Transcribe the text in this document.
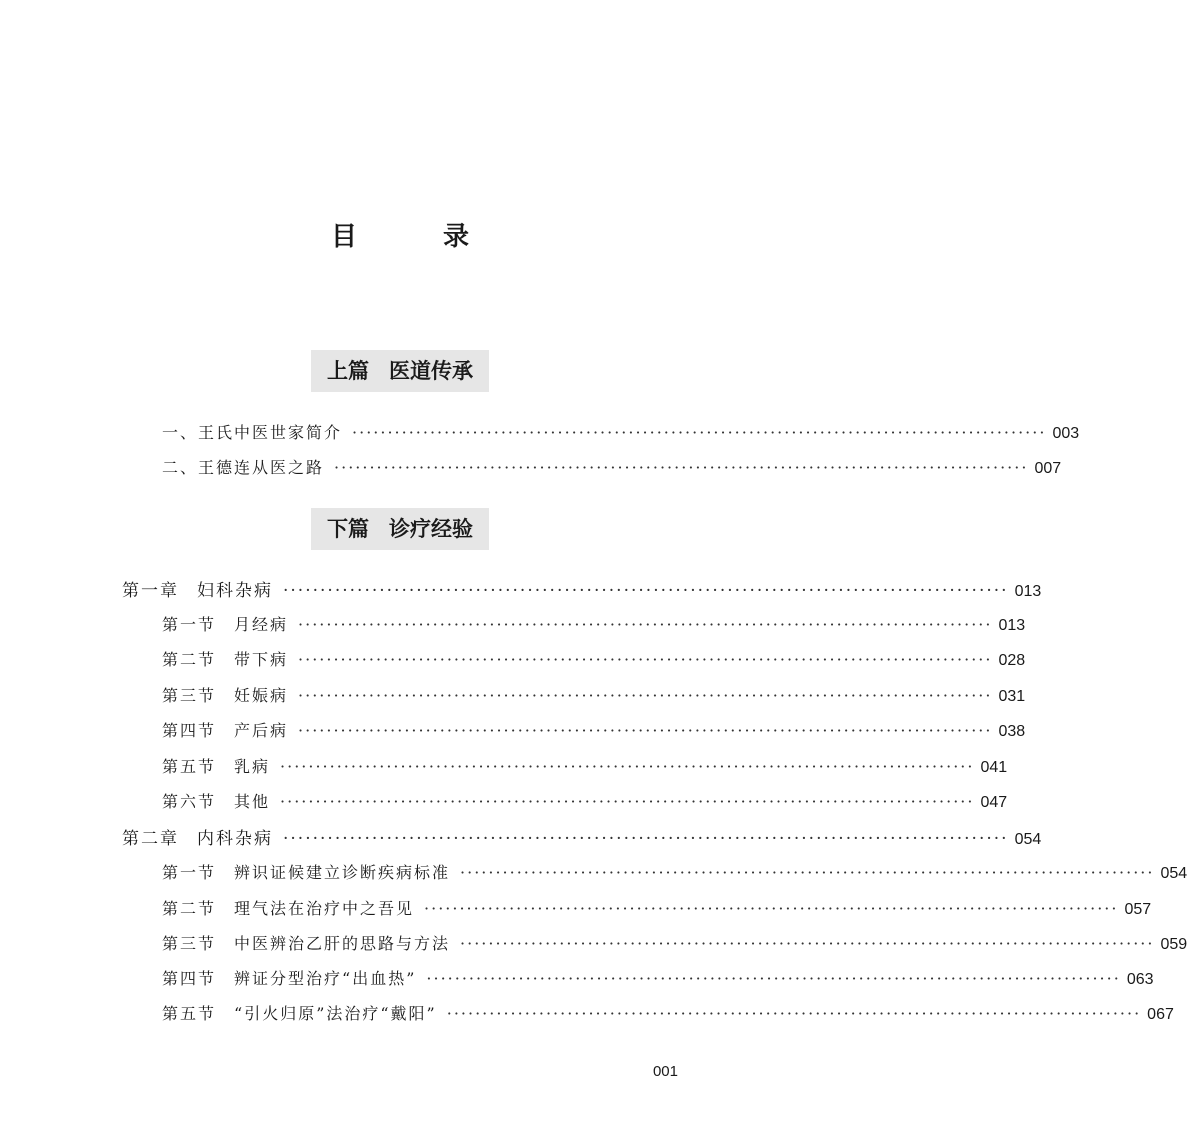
目　录
上篇 医道传承
一、王氏中医世家简介 ·································································································· 003
二、王德连从医之路 ·································································································· 007
下篇 诊疗经验
第一章 妇科杂病 ·································································································· 013
第一节 月经病 ·································································································· 013
第二节 带下病 ·································································································· 028
第三节 妊娠病 ·································································································· 031
第四节 产后病 ·································································································· 038
第五节 乳病 ·································································································· 041
第六节 其他 ·································································································· 047
第二章 内科杂病 ·································································································· 054
第一节 辨识证候建立诊断疾病标准 ·································································································· 054
第二节 理气法在治疗中之吾见 ·································································································· 057
第三节 中医辨治乙肝的思路与方法 ·································································································· 059
第四节 辨证分型治疗“出血热” ·································································································· 063
第五节 “引火归原”法治疗“戴阳” ·································································································· 067
001
